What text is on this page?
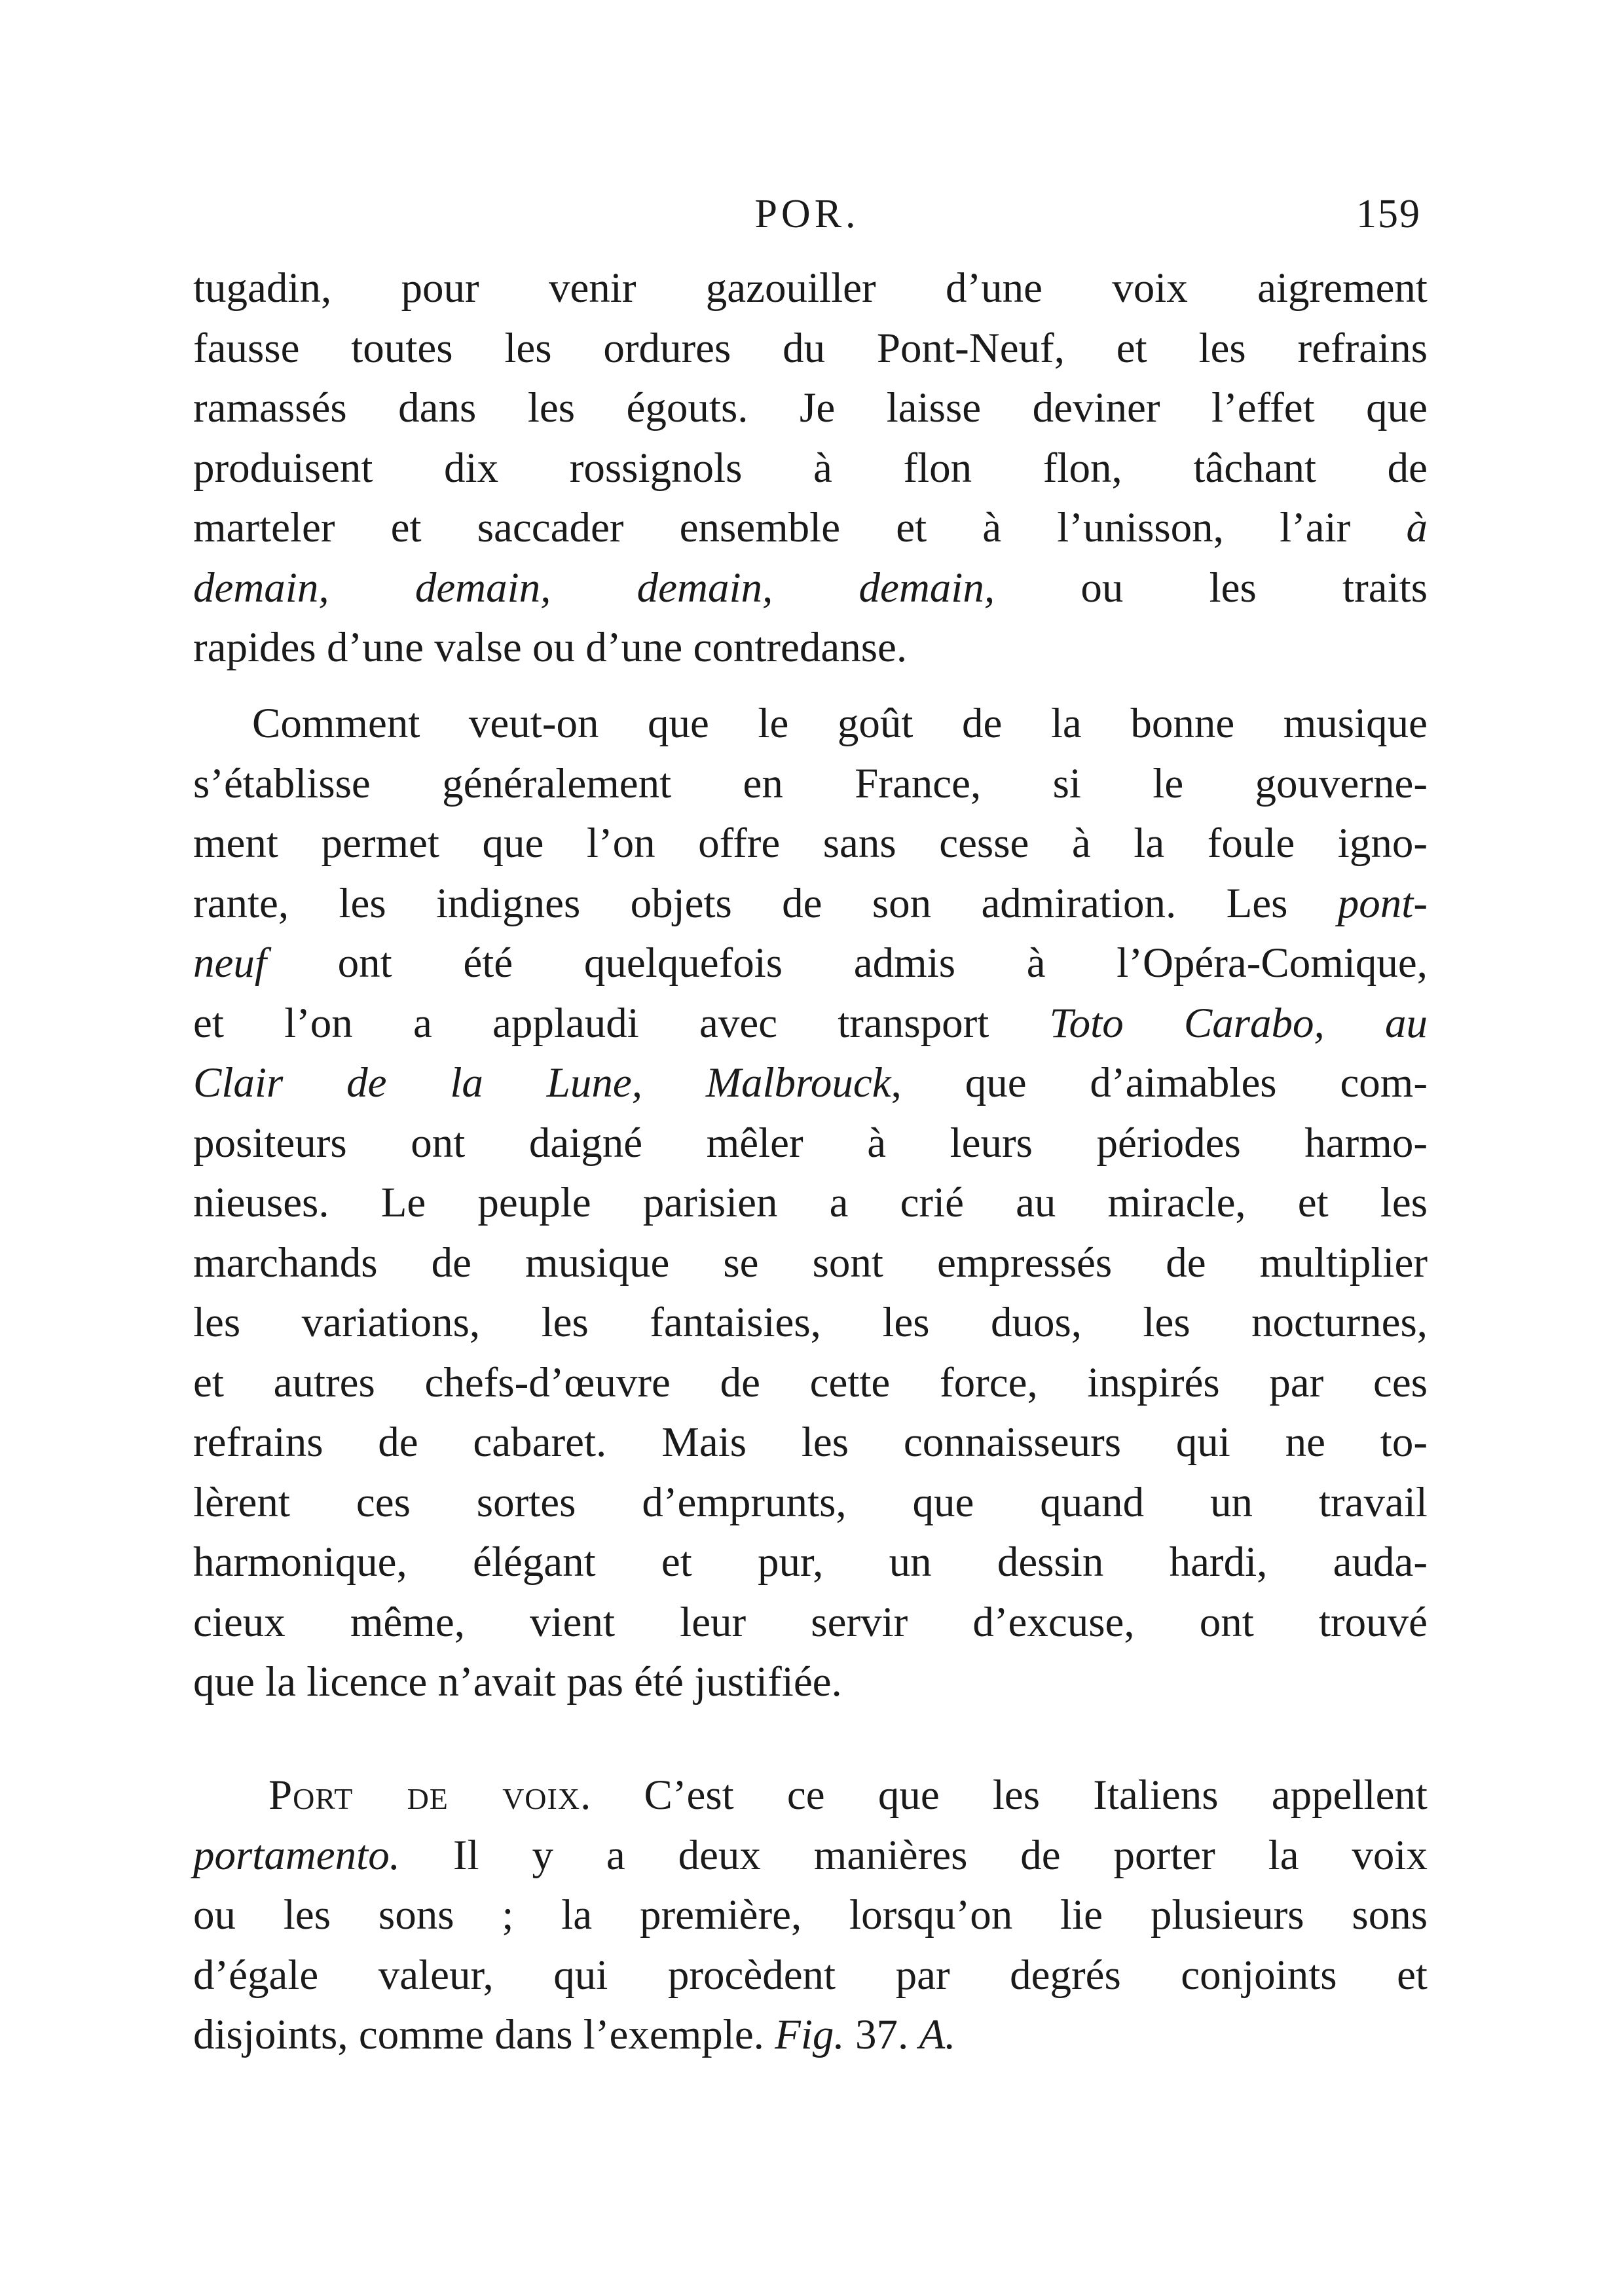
POR.	159
tugadin, pour venir gazouiller d’une voix aigrement
fausse toutes les ordures du Pont-Neuf, et les refrains
ramassés dans les égouts. Je laisse deviner l’effet que
produisent dix rossignols à flon flon, tâchant de
marteler et saccader ensemble et à l’unisson, l’air à
demain, demain, demain, demain, ou les traits
rapides d’une valse ou d’une contredanse.
Comment veut-on que le goût de la bonne musique
s’établisse généralement en France, si le gouverne-
ment permet que l’on offre sans cesse à la foule igno-
rante, les indignes objets de son admiration. Les pont-
neuf ont été quelquefois admis à l’Opéra-Comique,
et l’on a applaudi avec transport Toto Carabo, au
Clair de la Lune, Malbrouck, que d’aimables com-
positeurs ont daigné mêler à leurs périodes harmo-
nieuses. Le peuple parisien a crié au miracle, et les
marchands de musique se sont empressés de multiplier
les variations, les fantaisies, les duos, les nocturnes,
et autres chefs-d’œuvre de cette force, inspirés par ces
refrains de cabaret. Mais les connaisseurs qui ne to-
lèrent ces sortes d’emprunts, que quand un travail
harmonique, élégant et pur, un dessin hardi, auda-
cieux même, vient leur servir d’excuse, ont trouvé
que la licence n’avait pas été justifiée.
Port de voix. C’est ce que les Italiens appellent
portamento. Il y a deux manières de porter la voix
ou les sons ; la première, lorsqu’on lie plusieurs sons
d’égale valeur, qui procèdent par degrés conjoints et
disjoints, comme dans l’exemple. Fig. 37. A.
